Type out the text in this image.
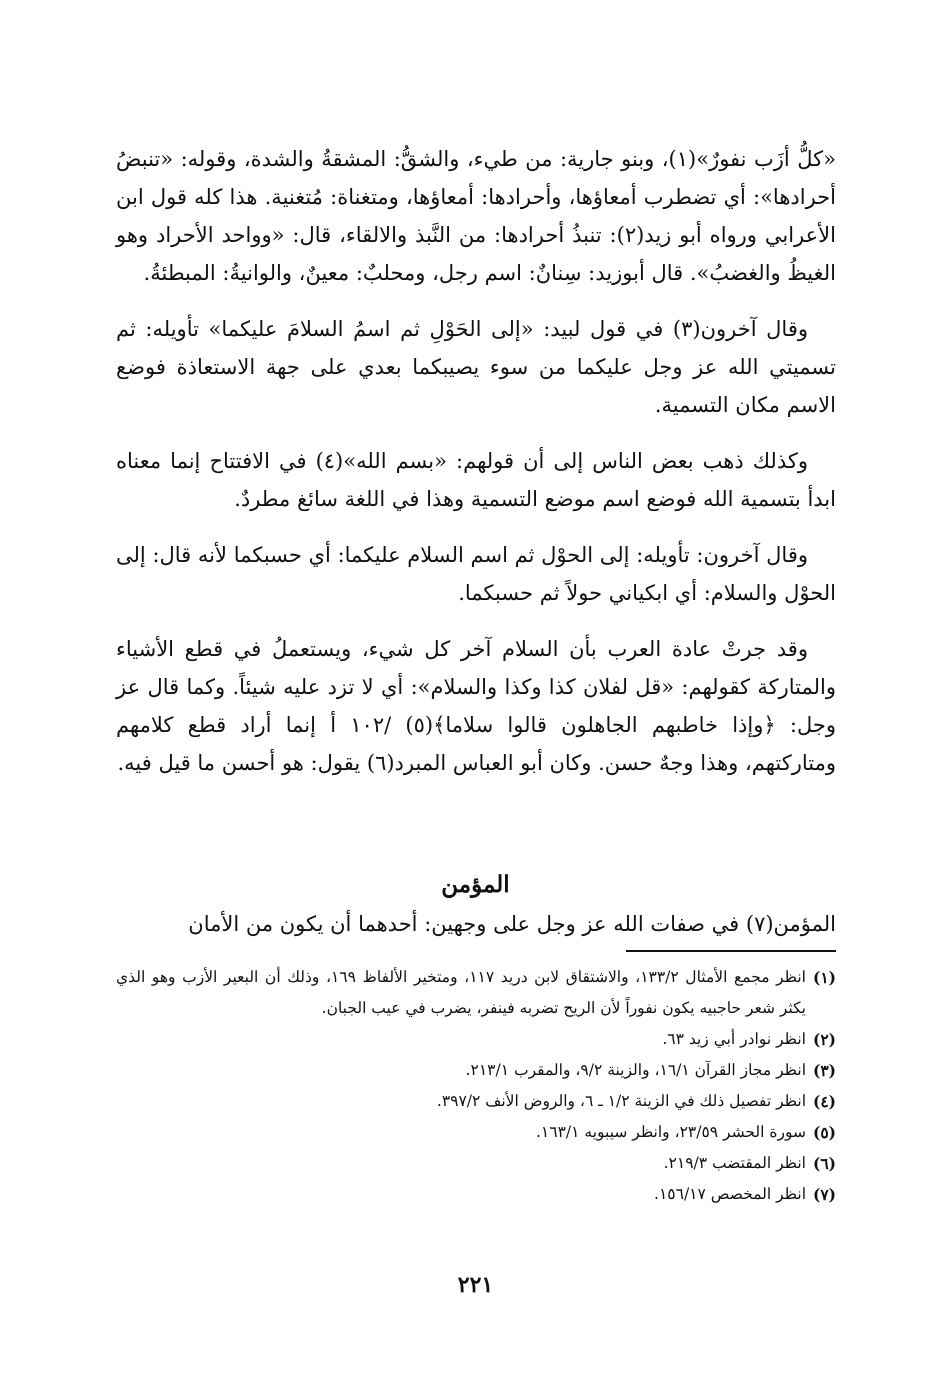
«كلُّ أزَب نفورٌ»(١)، وبنو جارية: من طيء، والشقُّ: المشقةُ والشدة، وقوله: «تنبضُ أحرادها»: أي تضطرب أمعاؤها، وأحرادها: أمعاؤها، ومتغناة: مُتغنية. هذا كله قول ابن الأعرابي ورواه أبو زيد(٢): تنبذُ أحرادها: من النَّبذ والالقاء، قال: «وواحد الأحراد وهو الغيظُ والغضبُ». قال أبوزيد: سِنانٌ: اسم رجل، ومحلبٌ: معينٌ، والوانيةُ: المبطئةُ.

وقال آخرون(٣) في قول لبيد: «إلى الحَوْلِ ثم اسمُ السلامَ عليكما» تأويله: ثم تسميتي الله عز وجل عليكما من سوء يصيبكما بعدي على جهة الاستعاذة فوضع الاسم مكان التسمية.

وكذلك ذهب بعض الناس إلى أن قولهم: «بسم الله»(٤) في الافتتاح إنما معناه ابدأ بتسمية الله فوضع اسم موضع التسمية وهذا في اللغة سائغ مطردٌ.

وقال آخرون: تأويله: إلى الحوْل ثم اسم السلام عليكما: أي حسبكما لأنه قال: إلى الحوْل والسلام: أي ابكياني حولاً ثم حسبكما.

وقد جرتْ عادة العرب بأن السلام آخر كل شيء، ويستعملُ في قطع الأشياء والمتاركة كقولهم: «قل لفلان كذا وكذا والسلام»: أي لا تزد عليه شيئاً. وكما قال عز وجل: ﴿وإذا خاطبهم الجاهلون قالوا سلاما﴾(٥) /١٠٢ أ إنما أراد قطع كلامهم ومتاركتهم، وهذا وجهٌ حسن. وكان أبو العباس المبرد(٦) يقول: هو أحسن ما قيل فيه.

المؤمن
المؤمن(٧) في صفات الله عز وجل على وجهين: أحدهما أن يكون من الأمان
(١)
انظر مجمع الأمثال ١٣٣/٢، والاشتقاق لابن دريد ١١٧، ومتخير الألفاظ ١٦٩، وذلك أن البعير الأزب وهو الذي يكثر شعر حاجبيه يكون نفوراً لأن الريح تضربه فينفر، يضرب في عيب الجبان.
(٢)
انظر نوادر أبي زيد ٦٣.
(٣)
انظر مجاز القرآن ١٦/١، والزينة ٩/٢، والمقرب ٢١٣/١.
(٤)
انظر تفصيل ذلك في الزينة ١/٢ ـ ٦، والروض الأنف ٣٩٧/٢.
(٥)
سورة الحشر ٢٣/٥٩، وانظر سيبويه ١٦٣/١.
(٦)
انظر المقتضب ٢١٩/٣.
(٧)
انظر المخصص ١٥٦/١٧.
٢٢١
